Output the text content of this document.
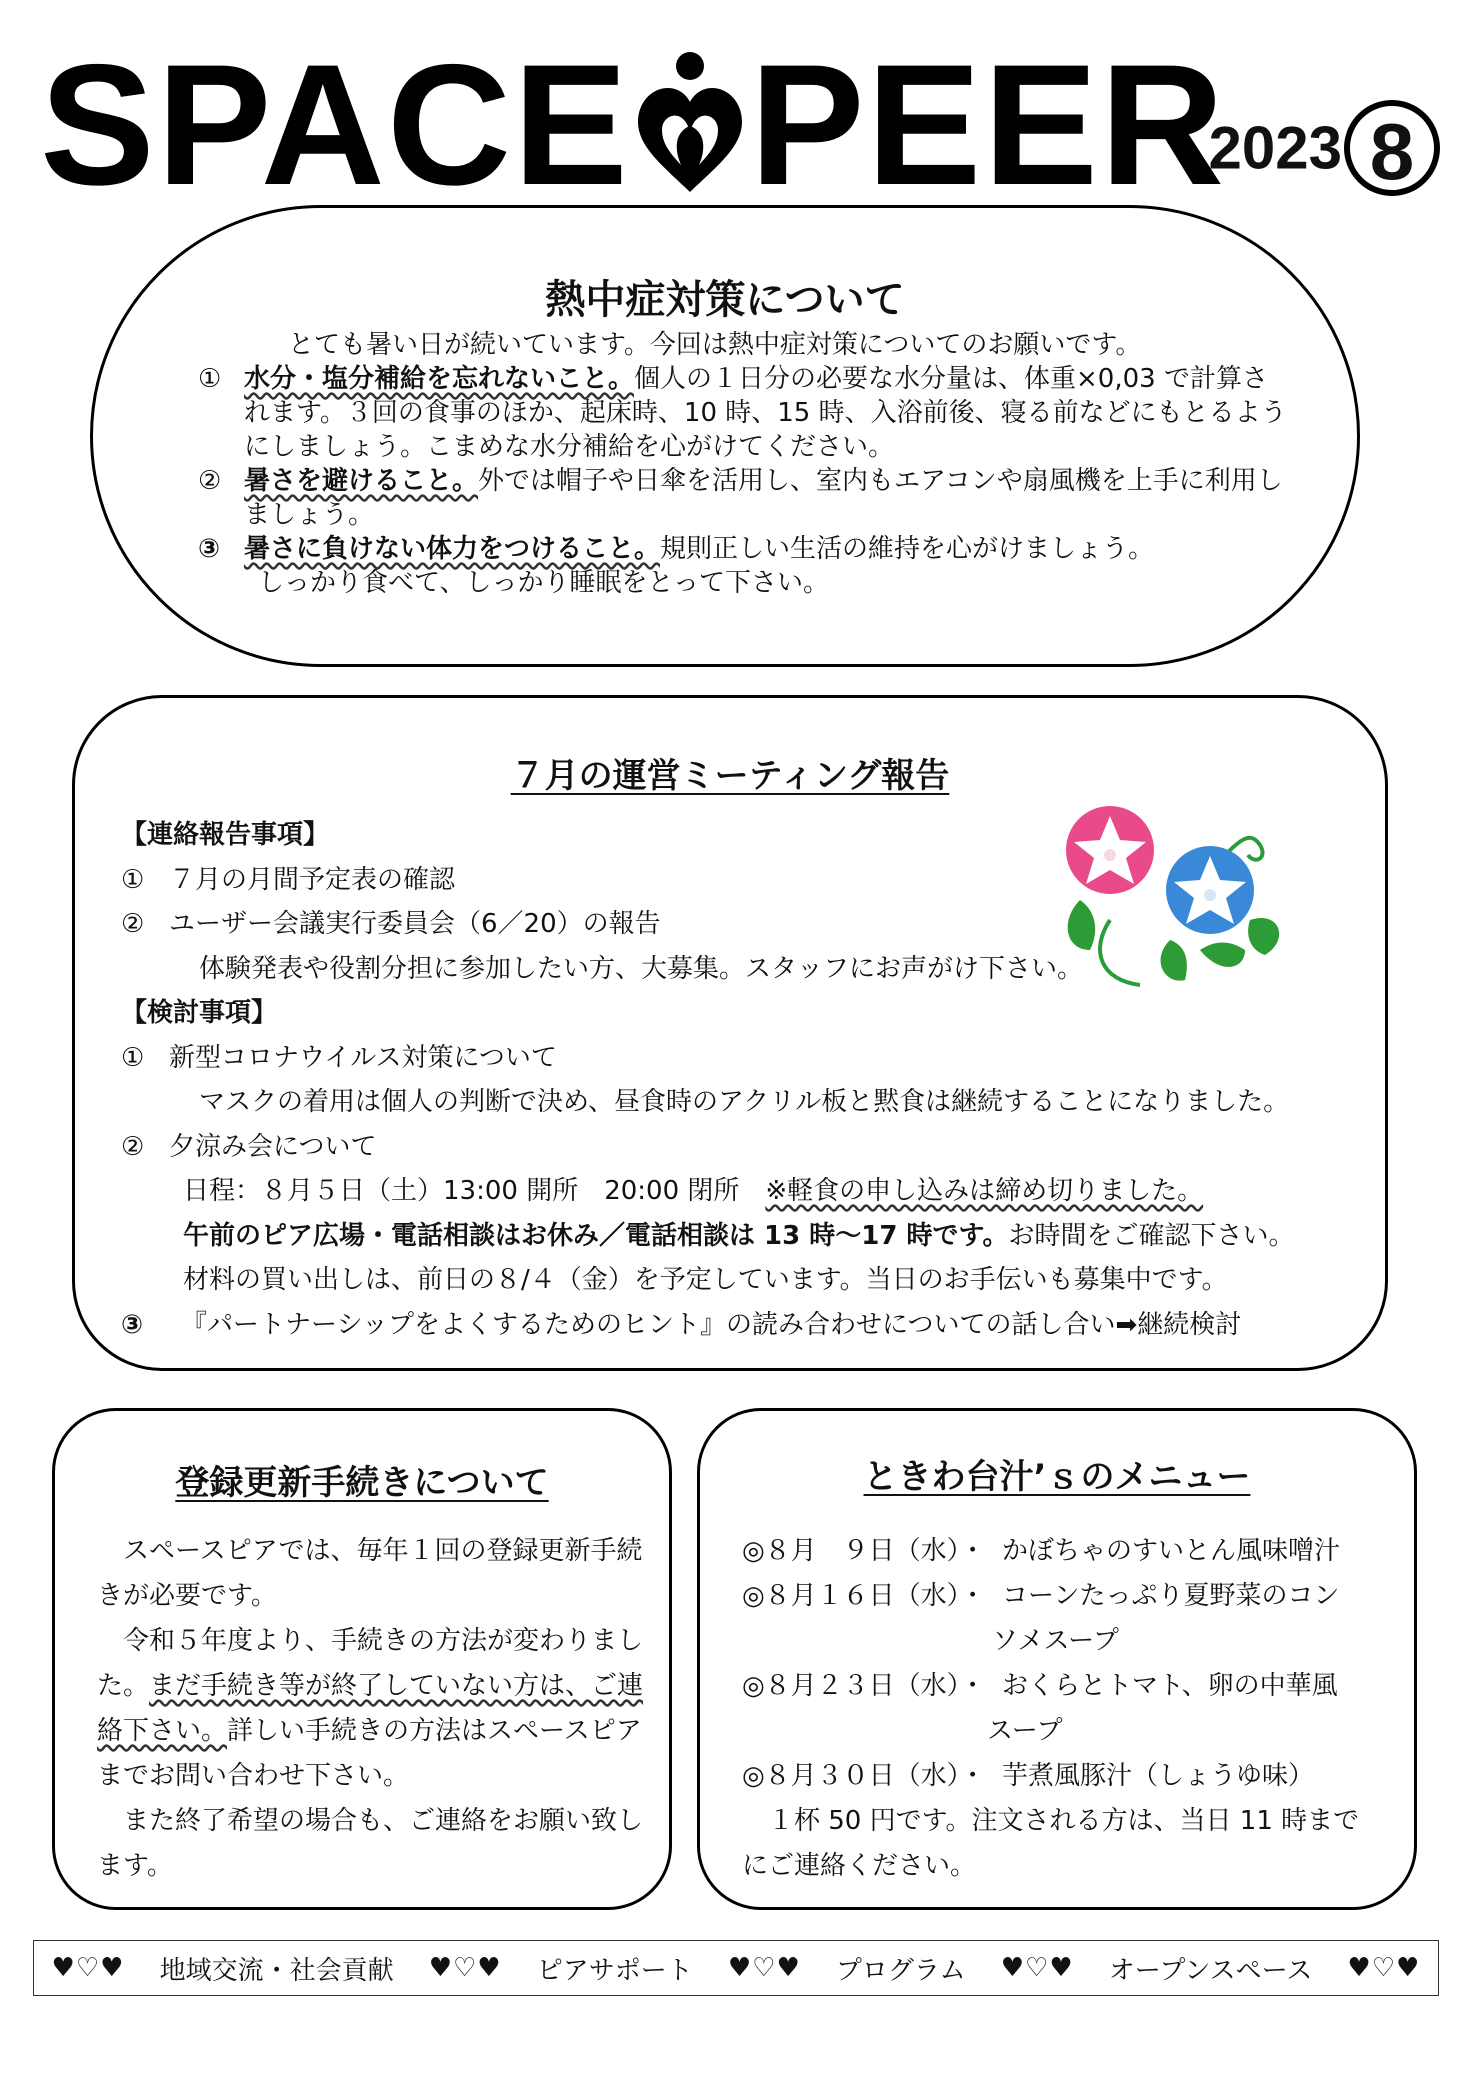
SPACE PEER
2023 8
熱中症対策について

とても暑い日が続いています。今回は熱中症対策についてのお願いです。

① 水分・塩分補給を忘れないこと。個人の１日分の必要な水分量は、体重×0,03 で計算されます。３回の食事のほか、起床時、10 時、15 時、入浴前後、寝る前などにもとるようにしましょう。こまめな水分補給を心がけてください。
② 暑さを避けること。外では帽子や日傘を活用し、室内もエアコンや扇風機を上手に利用しましょう。
③ 暑さに負けない体力をつけること。規則正しい生活の維持を心がけましょう。
しっかり食べて、しっかり睡眠をとって下さい。
７月の運営ミーティング報告

【連絡報告事項】

① ７月の月間予定表の確認
② ユーザー会議実行委員会（6／20）の報告

体験発表や役割分担に参加したい方、大募集。スタッフにお声がけ下さい。

【検討事項】

① 新型コロナウイルス対策について

マスクの着用は個人の判断で決め、昼食時のアクリル板と黙食は継続することになりました。

② 夕涼み会について

日程：８月５日（土）13:00 開所　20:00 閉所　※軽食の申し込みは締め切りました。

午前のピア広場・電話相談はお休み／電話相談は 13 時～17 時です。お時間をご確認下さい。

材料の買い出しは、前日の８/４（金）を予定しています。当日のお手伝いも募集中です。

③	『パートナーシップをよくするためのヒント』の読み合わせについての話し合い➡継続検討
登録更新手続きについて

スペースピアでは、毎年１回の登録更新手続きが必要です。

令和５年度より、手続きの方法が変わりました。まだ手続き等が終了していない方は、ご連絡下さい。詳しい手続きの方法はスペースピアまでお問い合わせ下さい。

また終了希望の場合も、ご連絡をお願い致します。

ときわ台汁’ｓのメニュー
◎８月　９日（水）・ かぼちゃのすいとん風味噌汁
◎８月１６日（水）・ コーンたっぷり夏野菜のコン

ソメスープ

◎８月２３日（水）・ おくらとトマト、卵の中華風

スープ

◎８月３０日（水）・ 芋煮風豚汁（しょうゆ味）

１杯 50 円です。注文される方は、当日 11 時までにご連絡ください。

♥♡♥ 地域交流・社会貢献 ♥♡♥ ピアサポート ♥♡♥ プログラム ♥♡♥ オープンスペース ♥♡♥
